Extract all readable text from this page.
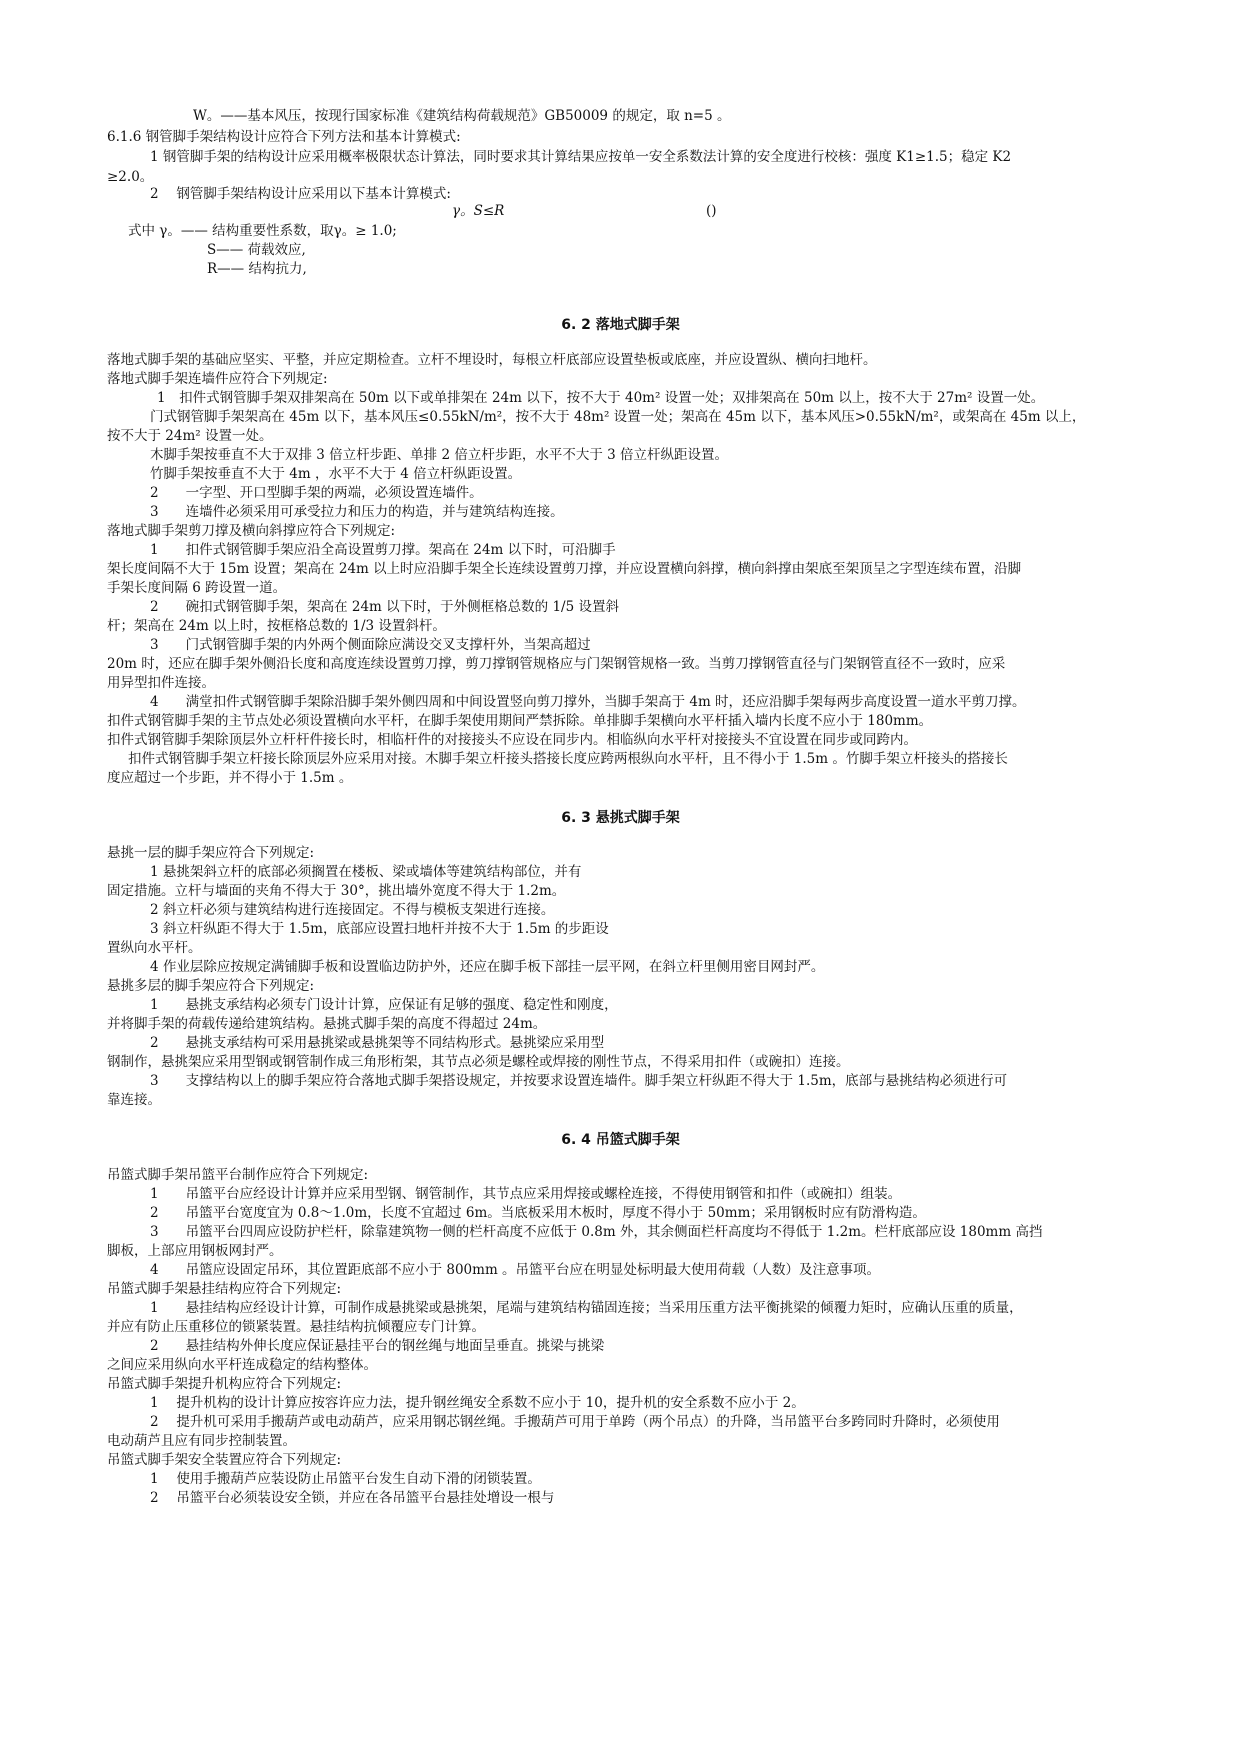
W。——基本风压，按现行国家标准《建筑结构荷载规范》GB50009 的规定，取 n=5 。
6.1.6 钢管脚手架结构设计应符合下列方法和基本计算模式:
1 钢管脚手架的结构设计应采用概率极限状态计算法，同时要求其计算结果应按单一安全系数法计算的安全度进行校核：强度 K1≥1.5；稳定 K2
≥2.0。
2　 钢管脚手架结构设计应采用以下基本计算模式:
γ。S≤R	()
式中 γ。—— 结构重要性系数，取γ。≥ 1.0;
S—— 荷载效应,
R—— 结构抗力,
6. 2 落地式脚手架
落地式脚手架的基础应坚实、平整，并应定期检查。立杆不埋设时，每根立杆底部应设置垫板或底座，并应设置纵、横向扫地杆。
落地式脚手架连墙件应符合下列规定:
1　扣件式钢管脚手架双排架高在 50m 以下或单排架在 24m 以下，按不大于 40m² 设置一处；双排架高在 50m 以上，按不大于 27m² 设置一处。
门式钢管脚手架架高在 45m 以下，基本风压≤0.55kN/m²，按不大于 48m² 设置一处；架高在 45m 以下，基本风压>0.55kN/m²，或架高在 45m 以上，
按不大于 24m² 设置一处。
木脚手架按垂直不大于双排 3 倍立杆步距、单排 2 倍立杆步距，水平不大于 3 倍立杆纵距设置。
竹脚手架按垂直不大于 4m ，水平不大于 4 倍立杆纵距设置。
2　　一字型、开口型脚手架的两端，必须设置连墙件。
3　　连墙件必须采用可承受拉力和压力的构造，并与建筑结构连接。
落地式脚手架剪刀撑及横向斜撑应符合下列规定:
1　　扣件式钢管脚手架应沿全高设置剪刀撑。架高在 24m 以下时，可沿脚手
架长度间隔不大于 15m 设置；架高在 24m 以上时应沿脚手架全长连续设置剪刀撑，并应设置横向斜撑，横向斜撑由架底至架顶呈之字型连续布置，沿脚
手架长度间隔 6 跨设置一道。
2　　碗扣式钢管脚手架，架高在 24m 以下时，于外侧框格总数的 1/5 设置斜
杆；架高在 24m 以上时，按框格总数的 1/3 设置斜杆。
3　　门式钢管脚手架的内外两个侧面除应满设交叉支撑杆外，当架高超过
20m 时，还应在脚手架外侧沿长度和高度连续设置剪刀撑，剪刀撑钢管规格应与门架钢管规格一致。当剪刀撑钢管直径与门架钢管直径不一致时，应采
用异型扣件连接。
4　　满堂扣件式钢管脚手架除沿脚手架外侧四周和中间设置竖向剪刀撑外，当脚手架高于 4m 时，还应沿脚手架每两步高度设置一道水平剪刀撑。
扣件式钢管脚手架的主节点处必须设置横向水平杆，在脚手架使用期间严禁拆除。单排脚手架横向水平杆插入墙内长度不应小于 180mm。
扣件式钢管脚手架除顶层外立杆杆件接长时，相临杆件的对接接头不应设在同步内。相临纵向水平杆对接接头不宜设置在同步或同跨内。
扣件式钢管脚手架立杆接长除顶层外应采用对接。木脚手架立杆接头搭接长度应跨两根纵向水平杆，且不得小于 1.5m 。竹脚手架立杆接头的搭接长
度应超过一个步距，并不得小于 1.5m 。
6. 3 悬挑式脚手架
悬挑一层的脚手架应符合下列规定:
1 悬挑架斜立杆的底部必须搁置在楼板、梁或墙体等建筑结构部位，并有
固定措施。立杆与墙面的夹角不得大于 30°，挑出墙外宽度不得大于 1.2m。
2 斜立杆必须与建筑结构进行连接固定。不得与模板支架进行连接。
3 斜立杆纵距不得大于 1.5m，底部应设置扫地杆并按不大于 1.5m 的步距设
置纵向水平杆。
4 作业层除应按规定满铺脚手板和设置临边防护外，还应在脚手板下部挂一层平网，在斜立杆里侧用密目网封严。
悬挑多层的脚手架应符合下列规定:
1　　悬挑支承结构必须专门设计计算，应保证有足够的强度、稳定性和刚度，
并将脚手架的荷载传递给建筑结构。悬挑式脚手架的高度不得超过 24m。
2　　悬挑支承结构可采用悬挑梁或悬挑架等不同结构形式。悬挑梁应采用型
钢制作，悬挑架应采用型钢或钢管制作成三角形桁架，其节点必须是螺栓或焊接的刚性节点，不得采用扣件（或碗扣）连接。
3　　支撑结构以上的脚手架应符合落地式脚手架搭设规定，并按要求设置连墙件。脚手架立杆纵距不得大于 1.5m，底部与悬挑结构必须进行可
靠连接。
6. 4 吊篮式脚手架
吊篮式脚手架吊篮平台制作应符合下列规定:
1　　吊篮平台应经设计计算并应采用型钢、钢管制作，其节点应采用焊接或螺栓连接，不得使用钢管和扣件（或碗扣）组装。
2　　吊篮平台宽度宜为 0.8～1.0m，长度不宜超过 6m。当底板采用木板时，厚度不得小于 50mm；采用钢板时应有防滑构造。
3　　吊篮平台四周应设防护栏杆，除靠建筑物一侧的栏杆高度不应低于 0.8m 外，其余侧面栏杆高度均不得低于 1.2m。栏杆底部应设 180mm 高挡
脚板，上部应用钢板网封严。
4　　吊篮应设固定吊环，其位置距底部不应小于 800mm 。吊篮平台应在明显处标明最大使用荷载（人数）及注意事项。
吊篮式脚手架悬挂结构应符合下列规定:
1　　悬挂结构应经设计计算，可制作成悬挑梁或悬挑架，尾端与建筑结构锚固连接；当采用压重方法平衡挑梁的倾覆力矩时，应确认压重的质量，
并应有防止压重移位的锁紧装置。悬挂结构抗倾覆应专门计算。
2　　悬挂结构外伸长度应保证悬挂平台的钢丝绳与地面呈垂直。挑梁与挑梁
之间应采用纵向水平杆连成稳定的结构整体。
吊篮式脚手架提升机构应符合下列规定:
1　 提升机构的设计计算应按容许应力法，提升钢丝绳安全系数不应小于 10，提升机的安全系数不应小于 2。
2　 提升机可采用手搬葫芦或电动葫芦，应采用钢芯钢丝绳。手搬葫芦可用于单跨（两个吊点）的升降，当吊篮平台多跨同时升降时，必须使用
电动葫芦且应有同步控制装置。
吊篮式脚手架安全装置应符合下列规定:
1　 使用手搬葫芦应装设防止吊篮平台发生自动下滑的闭锁装置。
2　 吊篮平台必须装设安全锁，并应在各吊篮平台悬挂处增设一根与
